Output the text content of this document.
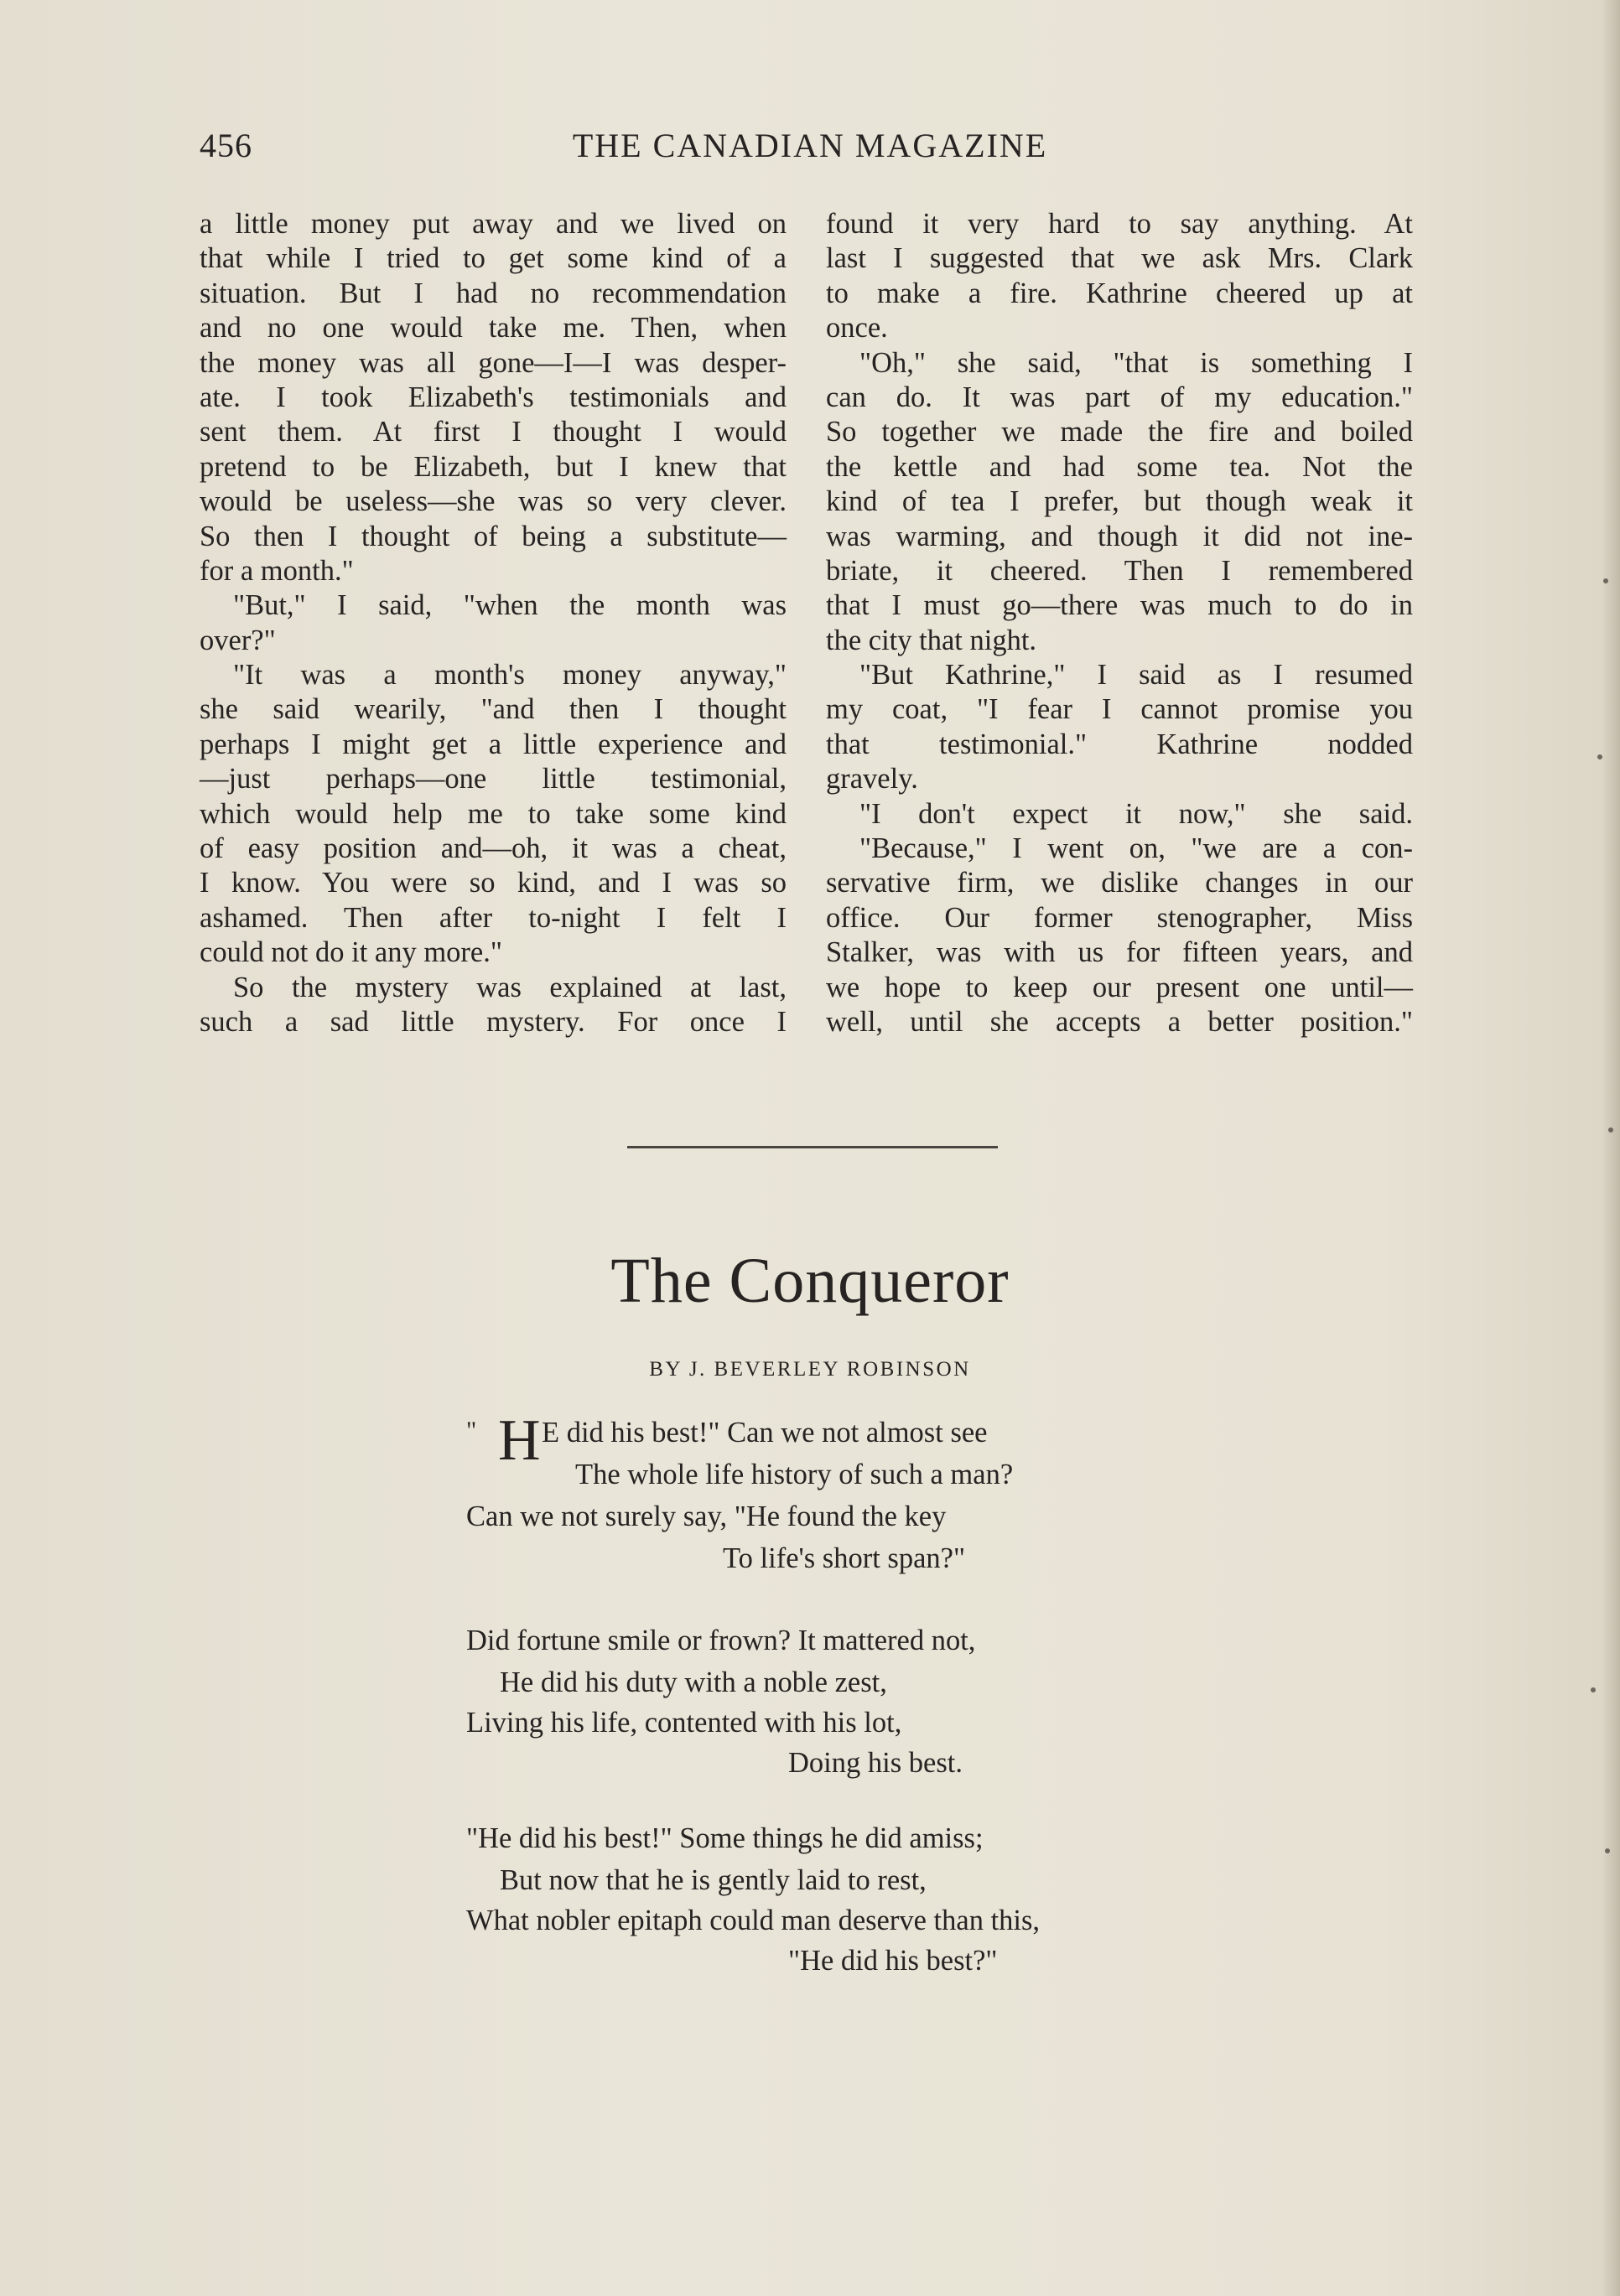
456	THE CANADIAN MAGAZINE
a little money put away and we lived on
that while I tried to get some kind of a
situation. But I had no recommendation
and no one would take me. Then, when
the money was all gone—I—I was desper-
ate. I took Elizabeth's testimonials and
sent them. At first I thought I would
pretend to be Elizabeth, but I knew that
would be useless—she was so very clever.
So then I thought of being a substitute—
for a month."
"But," I said, "when the month was
over?"
"It was a month's money anyway,"
she said wearily, "and then I thought
perhaps I might get a little experience and
—just perhaps—one little testimonial,
which would help me to take some kind
of easy position and—oh, it was a cheat,
I know. You were so kind, and I was so
ashamed. Then after to-night I felt I
could not do it any more."
So the mystery was explained at last,
such a sad little mystery. For once I
found it very hard to say anything. At
last I suggested that we ask Mrs. Clark
to make a fire. Kathrine cheered up at
once.
"Oh," she said, "that is something I
can do. It was part of my education."
So together we made the fire and boiled
the kettle and had some tea. Not the
kind of tea I prefer, but though weak it
was warming, and though it did not ine-
briate, it cheered. Then I remembered
that I must go—there was much to do in
the city that night.
"But Kathrine," I said as I resumed
my coat, "I fear I cannot promise you
that testimonial." Kathrine nodded
gravely.
"I don't expect it now," she said.
"Because," I went on, "we are a con-
servative firm, we dislike changes in our
office. Our former stenographer, Miss
Stalker, was with us for fifteen years, and
we hope to keep our present one until—
well, until she accepts a better position."
The Conqueror
BY J. BEVERLEY ROBINSON
" H E did his best!" Can we not almost see
The whole life history of such a man?
Can we not surely say, "He found the key
To life's short span?"
Did fortune smile or frown? It mattered not,
He did his duty with a noble zest,
Living his life, contented with his lot,
Doing his best.
"He did his best!" Some things he did amiss;
But now that he is gently laid to rest,
What nobler epitaph could man deserve than this,
"He did his best?"
